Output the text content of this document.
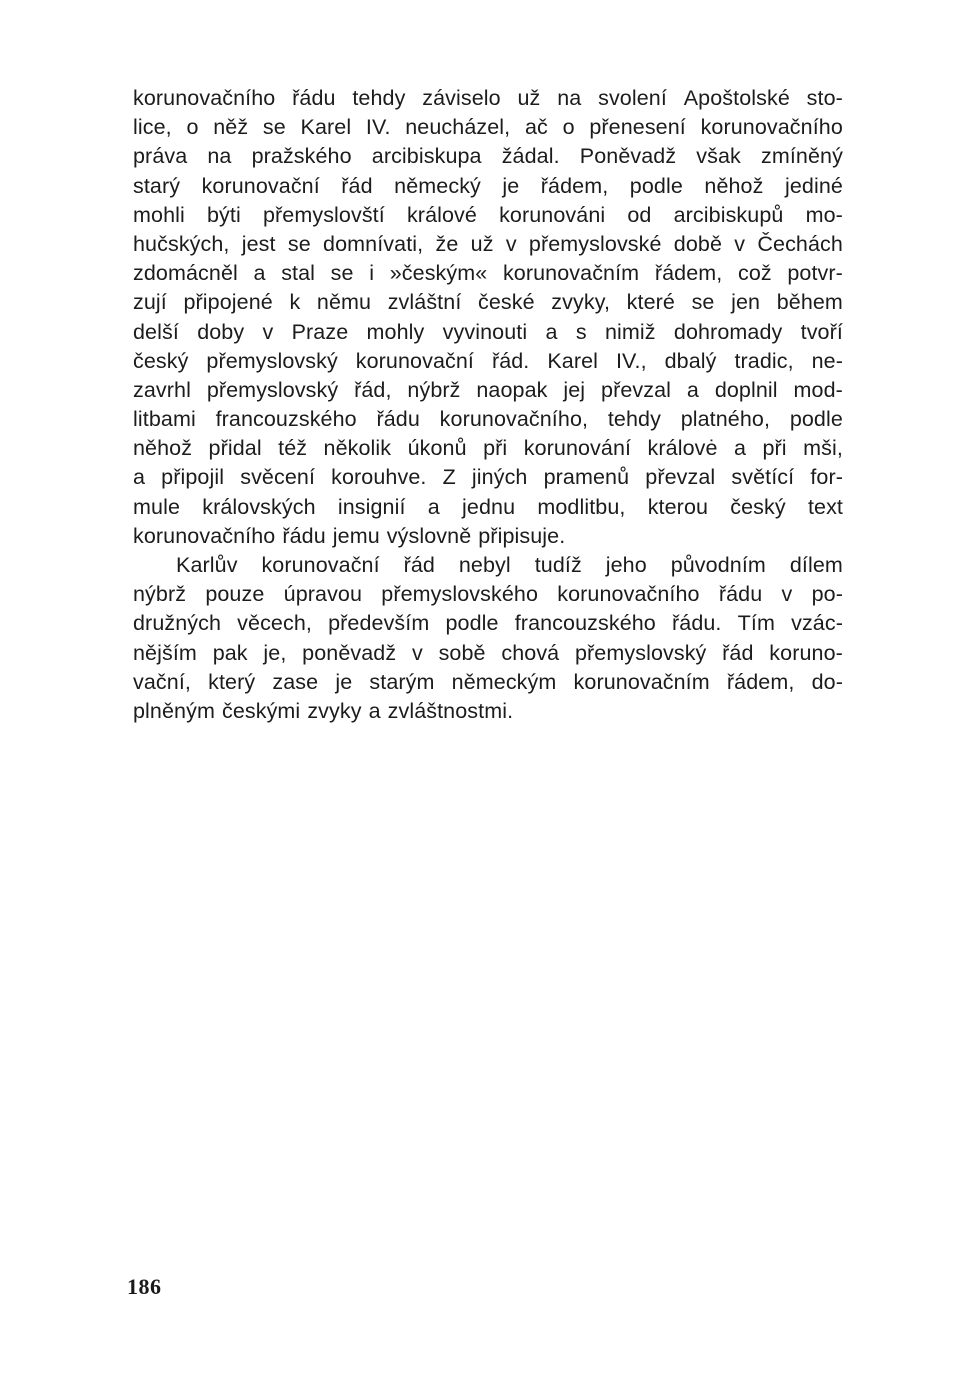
korunovačního řádu tehdy záviselo už na svolení Apoštolské sto-
lice, o něž se Karel IV. neucházel, ač o přenesení korunovačního
práva na pražského arcibiskupa žádal. Poněvadž však zmíněný
starý korunovační řád německý je řádem, podle něhož jediné
mohli býti přemyslovští králové korunováni od arcibiskupů mo-
hučských, jest se domnívati, že už v přemyslovské době v Čechách
zdomácněl a stal se i »českým« korunovačním řádem, což potvr-
zují připojené k němu zvláštní české zvyky, které se jen během
delší doby v Praze mohly vyvinouti a s nimiž dohromady tvoří
český přemyslovský korunovační řád. Karel IV., dbalý tradic, ne-
zavrhl přemyslovský řád, nýbrž naopak jej převzal a doplnil mod-
litbami francouzského řádu korunovačního, tehdy platného, podle
něhož přidal též několik úkonů při korunování královė a při mši,
a připojil svěcení korouhve. Z jiných pramenů převzal světící for-
mule královských insignií a jednu modlitbu, kterou český text
korunovačního řádu jemu výslovně připisuje.
Karlův korunovační řád nebyl tudíž jeho původním dílem
nýbrž pouze úpravou přemyslovského korunovačního řádu v po-
družných věcech, především podle francouzského řádu. Tím vzác-
nějším pak je, poněvadž v sobě chová přemyslovský řád koruno-
vační, který zase je starým německým korunovačním řádem, do-
plněným českými zvyky a zvláštnostmi.
186
